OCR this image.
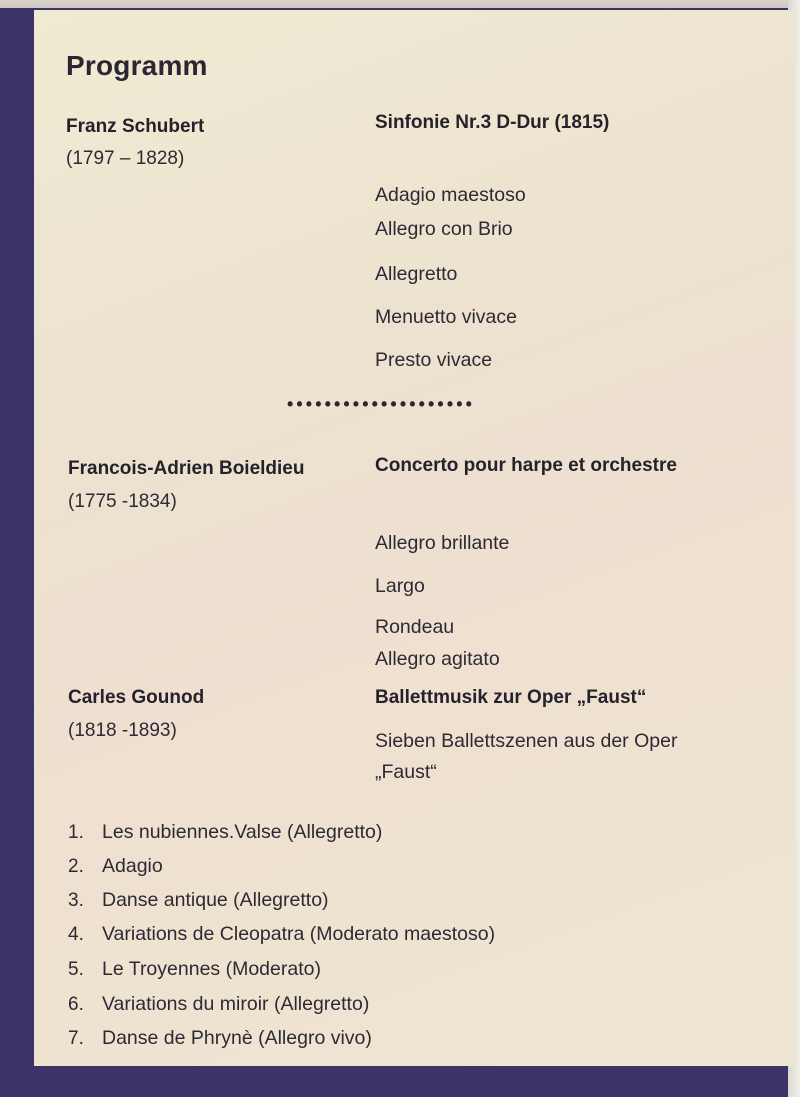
Programm
Franz Schubert
(1797 – 1828)
Sinfonie Nr.3 D-Dur (1815)
Adagio maestoso
Allegro con Brio
Allegretto
Menuetto vivace
Presto vivace
••••••••••••••••••••
Francois-Adrien Boieldieu
(1775 -1834)
Concerto pour harpe et orchestre
Allegro brillante
Largo
Rondeau
Allegro agitato
Carles Gounod
(1818 -1893)
Ballettmusik zur Oper „Faust“
Sieben Ballettszenen aus der Oper
„Faust“
1. Les nubiennes.Valse (Allegretto)
2. Adagio
3. Danse antique (Allegretto)
4. Variations de Cleopatra (Moderato maestoso)
5. Le Troyennes (Moderato)
6. Variations du miroir (Allegretto)
7. Danse de Phrynè (Allegro vivo)
